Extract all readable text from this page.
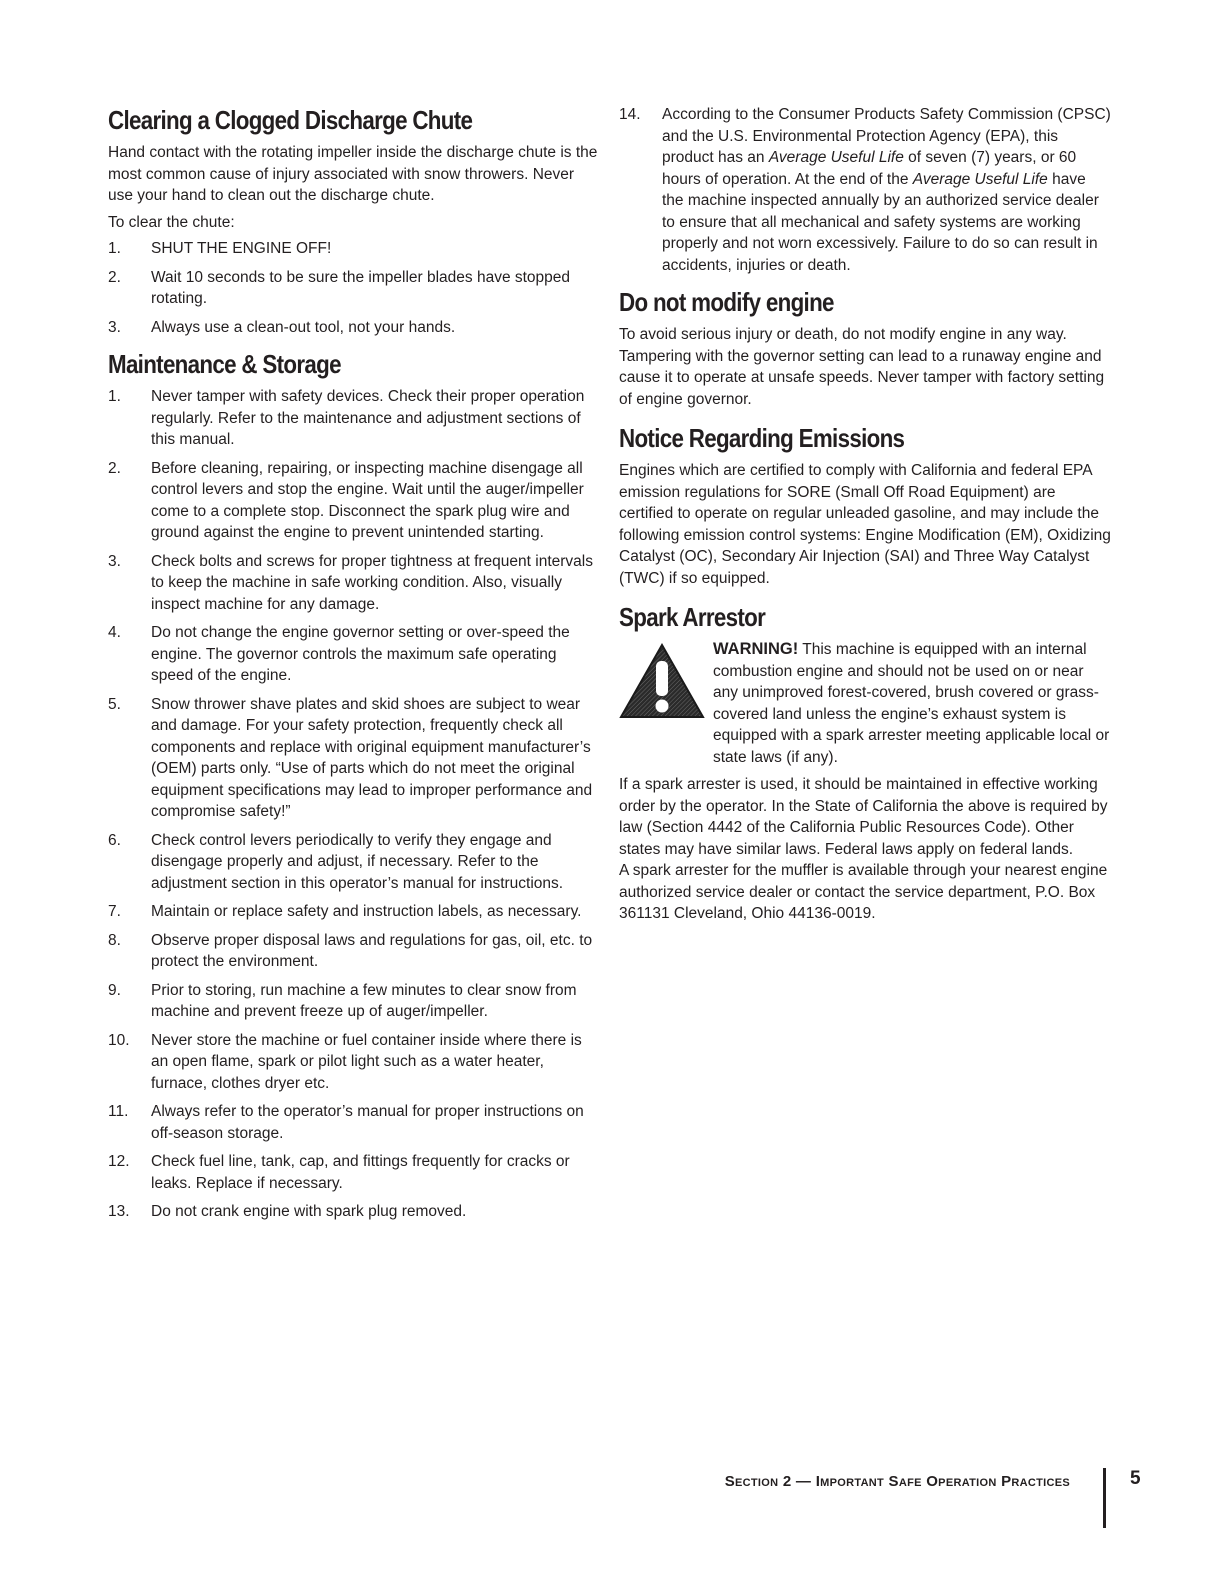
Clearing a Clogged Discharge Chute

Hand contact with the rotating impeller inside the discharge chute is the most common cause of injury associated with snow throwers. Never use your hand to clean out the discharge chute.

To clear the chute:

1.	SHUT THE ENGINE OFF!
2.	Wait 10 seconds to be sure the impeller blades have stopped rotating.
3.	Always use a clean-out tool, not your hands.
Maintenance & Storage
1.	Never tamper with safety devices. Check their proper operation regularly. Refer to the maintenance and adjustment sections of this manual.
2.	Before cleaning, repairing, or inspecting machine disengage all control levers and stop the engine. Wait until the auger/impeller come to a complete stop. Disconnect the spark plug wire and ground against the engine to prevent unintended starting.
3.	Check bolts and screws for proper tightness at frequent intervals to keep the machine in safe working condition. Also, visually inspect machine for any damage.
4.	Do not change the engine governor setting or over-speed the engine. The governor controls the maximum safe operating speed of the engine.
5.	Snow thrower shave plates and skid shoes are subject to wear and damage. For your safety protection, frequently check all components and replace with original equipment manufacturer’s (OEM) parts only. “Use of parts which do not meet the original equipment specifications may lead to improper performance and compromise safety!”
6.	Check control levers periodically to verify they engage and disengage properly and adjust, if necessary. Refer to the adjustment section in this operator’s manual for instructions.
7.	Maintain or replace safety and instruction labels, as necessary.
8.	Observe proper disposal laws and regulations for gas, oil, etc. to protect the environment.
9.	Prior to storing, run machine a few minutes to clear snow from machine and prevent freeze up of auger/impeller.
10.	Never store the machine or fuel container inside where there is an open flame, spark or pilot light such as a water heater, furnace, clothes dryer etc.
11.	Always refer to the operator’s manual for proper instructions on off-season storage.
12.	Check fuel line, tank, cap, and fittings frequently for cracks or leaks. Replace if necessary.
13.	Do not crank engine with spark plug removed.
14.	According to the Consumer Products Safety Commission (CPSC) and the U.S. Environmental Protection Agency (EPA), this product has an Average Useful Life of seven (7) years, or 60 hours of operation. At the end of the Average Useful Life have the machine inspected annually by an authorized service dealer to ensure that all mechanical and safety systems are working properly and not worn excessively. Failure to do so can result in accidents, injuries or death.
Do not modify engine

To avoid serious injury or death, do not modify engine in any way. Tampering with the governor setting can lead to a runaway engine and cause it to operate at unsafe speeds. Never tamper with factory setting of engine governor.

Notice Regarding Emissions

Engines which are certified to comply with California and federal EPA emission regulations for SORE (Small Off Road Equipment) are certified to operate on regular unleaded gasoline, and may include the following emission control systems: Engine Modification (EM), Oxidizing Catalyst (OC), Secondary Air Injection (SAI) and Three Way Catalyst (TWC) if so equipped.

Spark Arrestor

WARNING! This machine is equipped with an internal combustion engine and should not be used on or near any unimproved forest-covered, brush covered or grass-covered land unless the engine’s exhaust system is equipped with a spark arrester meeting applicable local or state laws (if any).

If a spark arrester is used, it should be maintained in effective working order by the operator. In the State of California the above is required by law (Section 4442 of the California Public Resources Code). Other states may have similar laws. Federal laws apply on federal lands.

A spark arrester for the muffler is available through your nearest engine authorized service dealer or contact the service department, P.O. Box 361131 Cleveland, Ohio 44136-0019.

Section 2 — Important Safe Operation Practices	5
